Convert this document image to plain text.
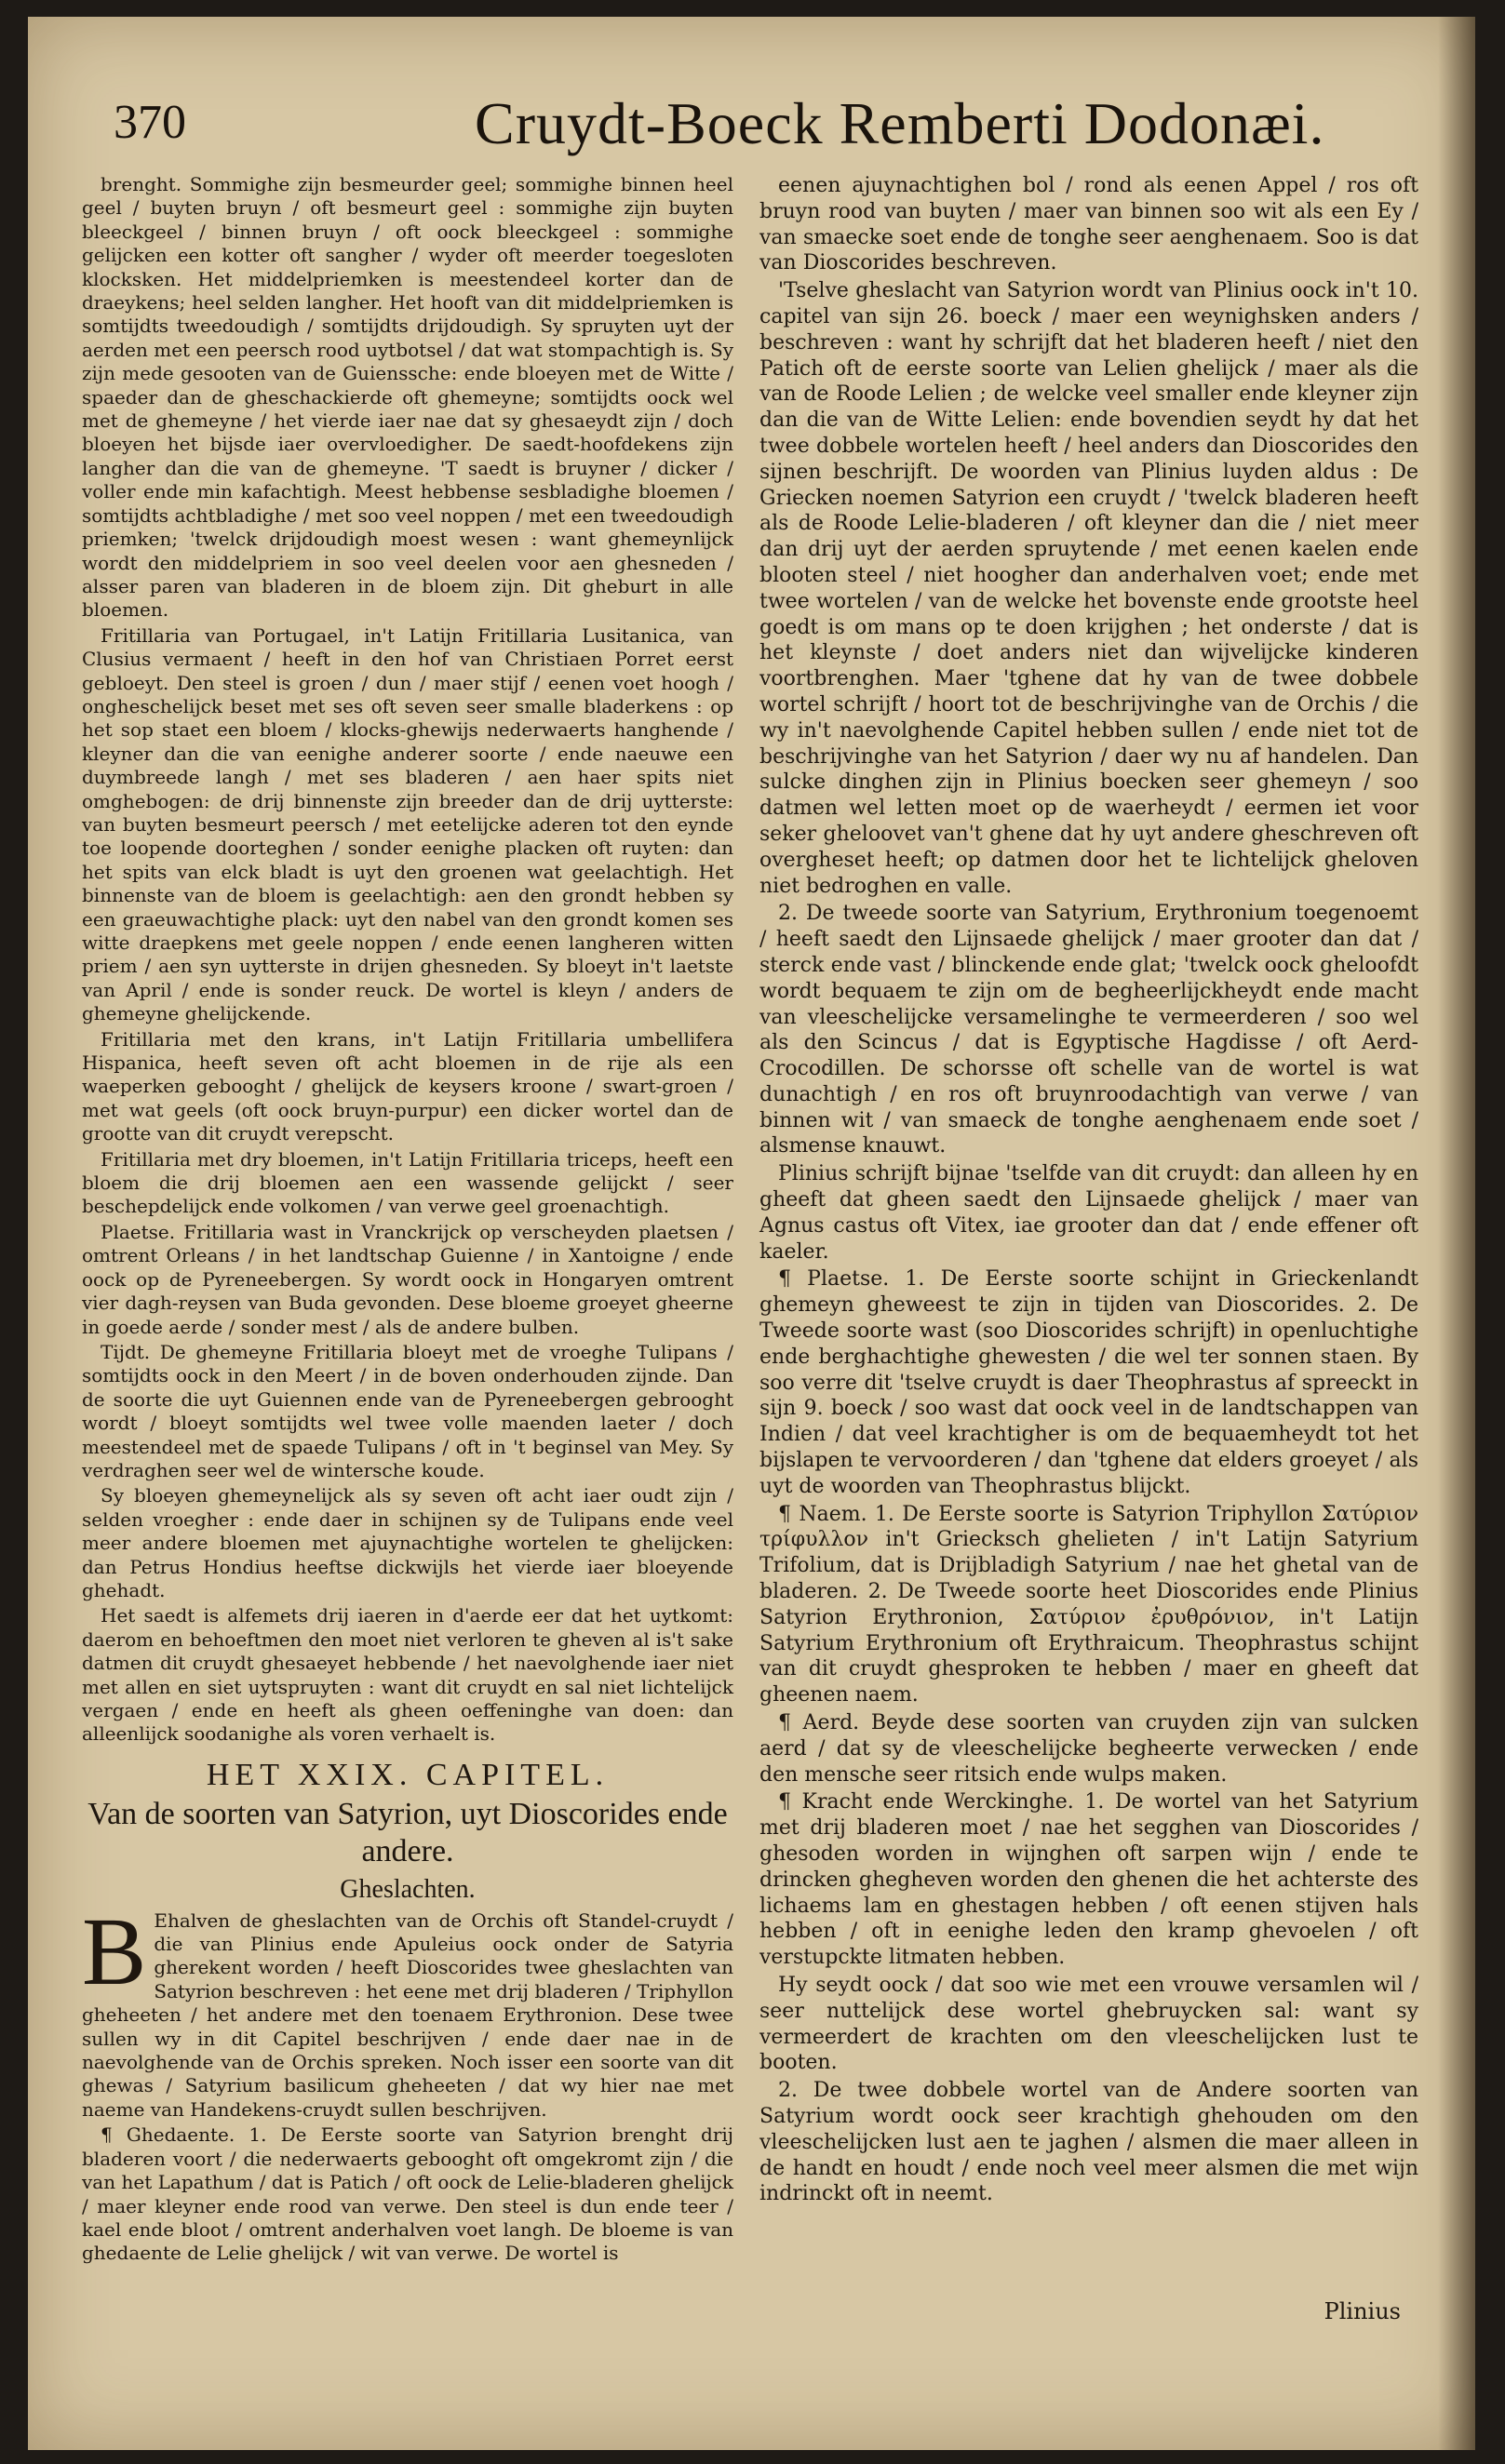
370	Cruydt-Boeck Remberti Dodonæi.

brenght. Sommighe zijn besmeurder geel; sommighe binnen heel geel / buyten bruyn / oft besmeurt geel : sommighe zijn buyten bleeckgeel / binnen bruyn / oft oock bleeckgeel : sommighe gelijcken een kotter oft sangher / wyder oft meerder toegesloten klocksken. Het middelpriemken is meestendeel korter dan de draeykens; heel selden langher. Het hooft van dit middelpriemken is somtijdts tweedoudigh / somtijdts drijdoudigh. Sy spruyten uyt der aerden met een peersch rood uytbotsel / dat wat stompachtigh is. Sy zijn mede gesooten van de Guienssche: ende bloeyen met de Witte / spaeder dan de gheschackierde oft ghemeyne; somtijdts oock wel met de ghemeyne / het vierde iaer nae dat sy ghesaeydt zijn / doch bloeyen het bijsde iaer overvloedigher. De saedt-hoofdekens zijn langher dan die van de ghemeyne. 'T saedt is bruyner / dicker / voller ende min kafachtigh. Meest hebbense sesbladighe bloemen / somtijdts achtbladighe / met soo veel noppen / met een tweedoudigh priemken; 'twelck drijdoudigh moest wesen : want ghemeynlijck wordt den middelpriem in soo veel deelen voor aen ghesneden / alsser paren van bladeren in de bloem zijn. Dit gheburt in alle bloemen.

Fritillaria van Portugael, in't Latijn Fritillaria Lusitanica, van Clusius vermaent / heeft in den hof van Christiaen Porret eerst gebloeyt. Den steel is groen / dun / maer stijf / eenen voet hoogh / ongheschelijck beset met ses oft seven seer smalle bladerkens : op het sop staet een bloem / klocks-ghewijs nederwaerts hanghende / kleyner dan die van eenighe anderer soorte / ende naeuwe een duymbreede langh / met ses bladeren / aen haer spits niet omghebogen: de drij binnenste zijn breeder dan de drij uytterste: van buyten besmeurt peersch / met eetelijcke aderen tot den eynde toe loopende doorteghen / sonder eenighe placken oft ruyten: dan het spits van elck bladt is uyt den groenen wat geelachtigh. Het binnenste van de bloem is geelachtigh: aen den grondt hebben sy een graeuwachtighe plack: uyt den nabel van den grondt komen ses witte draepkens met geele noppen / ende eenen langheren witten priem / aen syn uytterste in drijen ghesneden. Sy bloeyt in't laetste van April / ende is sonder reuck. De wortel is kleyn / anders de ghemeyne ghelijckende.

Fritillaria met den krans, in't Latijn Fritillaria umbellifera Hispanica, heeft seven oft acht bloemen in de rije als een waeperken gebooght / ghelijck de keysers kroone / swart-groen / met wat geels (oft oock bruyn-purpur) een dicker wortel dan de grootte van dit cruydt verepscht.

Fritillaria met dry bloemen, in't Latijn Fritillaria triceps, heeft een bloem die drij bloemen aen een wassende gelijckt / seer beschepdelijck ende volkomen / van verwe geel groenachtigh.

Plaetse. Fritillaria wast in Vranckrijck op verscheyden plaetsen / omtrent Orleans / in het landtschap Guienne / in Xantoigne / ende oock op de Pyreneebergen. Sy wordt oock in Hongaryen omtrent vier dagh-reysen van Buda gevonden. Dese bloeme groeyet gheerne in goede aerde / sonder mest / als de andere bulben.

Tijdt. De ghemeyne Fritillaria bloeyt met de vroeghe Tulipans / somtijdts oock in den Meert / in de boven onderhouden zijnde. Dan de soorte die uyt Guiennen ende van de Pyreneebergen gebrooght wordt / bloeyt somtijdts wel twee volle maenden laeter / doch meestendeel met de spaede Tulipans / oft in 't beginsel van Mey. Sy verdraghen seer wel de wintersche koude.

Sy bloeyen ghemeynelijck als sy seven oft acht iaer oudt zijn / selden vroegher : ende daer in schijnen sy de Tulipans ende veel meer andere bloemen met ajuynachtighe wortelen te ghelijcken: dan Petrus Hondius heeftse dickwijls het vierde iaer bloeyende ghehadt.

Het saedt is alfemets drij iaeren in d'aerde eer dat het uytkomt: daerom en behoeftmen den moet niet verloren te gheven al is't sake datmen dit cruydt ghesaeyet hebbende / het naevolghende iaer niet met allen en siet uytspruyten : want dit cruydt en sal niet lichtelijck vergaen / ende en heeft als gheen oeffeninghe van doen: dan alleenlijck soodanighe als voren verhaelt is.

HET XXIX. CAPITEL.
Van de soorten van Satyrion, uyt Dioscorides ende andere.
Gheslachten.

B Ehalven de gheslachten van de Orchis oft Standel-cruydt / die van Plinius ende Apuleius oock onder de Satyria gherekent worden / heeft Dioscorides twee gheslachten van Satyrion beschreven : het eene met drij bladeren / Triphyllon gheheeten / het andere met den toenaem Erythronion. Dese twee sullen wy in dit Capitel beschrijven / ende daer nae in de naevolghende van de Orchis spreken. Noch isser een soorte van dit ghewas / Satyrium basilicum gheheeten / dat wy hier nae met naeme van Handekens-cruydt sullen beschrijven.

¶ Ghedaente. 1. De Eerste soorte van Satyrion brenght drij bladeren voort / die nederwaerts gebooght oft omgekromt zijn / die van het Lapathum / dat is Patich / oft oock de Lelie-bladeren ghelijck / maer kleyner ende rood van verwe. Den steel is dun ende teer / kael ende bloot / omtrent anderhalven voet langh. De bloeme is van ghedaente de Lelie ghelijck / wit van verwe. De wortel is

eenen ajuynachtighen bol / rond als eenen Appel / ros oft bruyn rood van buyten / maer van binnen soo wit als een Ey / van smaecke soet ende de tonghe seer aenghenaem. Soo is dat van Dioscorides beschreven.

'Tselve gheslacht van Satyrion wordt van Plinius oock in't 10. capitel van sijn 26. boeck / maer een weynighsken anders / beschreven : want hy schrijft dat het bladeren heeft / niet den Patich oft de eerste soorte van Lelien ghelijck / maer als die van de Roode Lelien ; de welcke veel smaller ende kleyner zijn dan die van de Witte Lelien: ende bovendien seydt hy dat het twee dobbele wortelen heeft / heel anders dan Dioscorides den sijnen beschrijft. De woorden van Plinius luyden aldus : De Griecken noemen Satyrion een cruydt / 'twelck bladeren heeft als de Roode Lelie-bladeren / oft kleyner dan die / niet meer dan drij uyt der aerden spruytende / met eenen kaelen ende blooten steel / niet hoogher dan anderhalven voet; ende met twee wortelen / van de welcke het bovenste ende grootste heel goedt is om mans op te doen krijghen ; het onderste / dat is het kleynste / doet anders niet dan wijvelijcke kinderen voortbrenghen. Maer 'tghene dat hy van de twee dobbele wortel schrijft / hoort tot de beschrijvinghe van de Orchis / die wy in't naevolghende Capitel hebben sullen / ende niet tot de beschrijvinghe van het Satyrion / daer wy nu af handelen. Dan sulcke dinghen zijn in Plinius boecken seer ghemeyn / soo datmen wel letten moet op de waerheydt / eermen iet voor seker gheloovet van't ghene dat hy uyt andere gheschreven oft overgheset heeft; op datmen door het te lichtelijck gheloven niet bedroghen en valle.

2. De tweede soorte van Satyrium, Erythronium toegenoemt / heeft saedt den Lijnsaede ghelijck / maer grooter dan dat / sterck ende vast / blinckende ende glat; 'twelck oock gheloofdt wordt bequaem te zijn om de begheerlijckheydt ende macht van vleeschelijcke versamelinghe te vermeerderen / soo wel als den Scincus / dat is Egyptische Hagdisse / oft Aerd-Crocodillen. De schorsse oft schelle van de wortel is wat dunachtigh / en ros oft bruynroodachtigh van verwe / van binnen wit / van smaeck de tonghe aenghenaem ende soet / alsmense knauwt.

Plinius schrijft bijnae 'tselfde van dit cruydt: dan alleen hy en gheeft dat gheen saedt den Lijnsaede ghelijck / maer van Agnus castus oft Vitex, iae grooter dan dat / ende effener oft kaeler.

¶ Plaetse. 1. De Eerste soorte schijnt in Grieckenlandt ghemeyn gheweest te zijn in tijden van Dioscorides. 2. De Tweede soorte wast (soo Dioscorides schrijft) in openluchtighe ende berghachtighe ghewesten / die wel ter sonnen staen. By soo verre dit 'tselve cruydt is daer Theophrastus af spreeckt in sijn 9. boeck / soo wast dat oock veel in de landtschappen van Indien / dat veel krachtigher is om de bequaemheydt tot het bijslapen te vervoorderen / dan 'tghene dat elders groeyet / als uyt de woorden van Theophrastus blijckt.

¶ Naem. 1. De Eerste soorte is Satyrion Triphyllon Σατύριον τρίφυλλον in't Griecksch ghelieten / in't Latijn Satyrium Trifolium, dat is Drijbladigh Satyrium / nae het ghetal van de bladeren. 2. De Tweede soorte heet Dioscorides ende Plinius Satyrion Erythronion, Σατύριον ἐρυθρόνιον, in't Latijn Satyrium Erythronium oft Erythraicum. Theophrastus schijnt van dit cruydt ghesproken te hebben / maer en gheeft dat gheenen naem.

¶ Aerd. Beyde dese soorten van cruyden zijn van sulcken aerd / dat sy de vleeschelijcke begheerte verwecken / ende den mensche seer ritsich ende wulps maken.

¶ Kracht ende Werckinghe. 1. De wortel van het Satyrium met drij bladeren moet / nae het segghen van Dioscorides / ghesoden worden in wijnghen oft sarpen wijn / ende te drincken ghegheven worden den ghenen die het achterste des lichaems lam en ghestagen hebben / oft eenen stijven hals hebben / oft in eenighe leden den kramp ghevoelen / oft verstupckte litmaten hebben.

Hy seydt oock / dat soo wie met een vrouwe versamlen wil / seer nuttelijck dese wortel ghebruycken sal: want sy vermeerdert de krachten om den vleeschelijcken lust te booten.

2. De twee dobbele wortel van de Andere soorten van Satyrium wordt oock seer krachtigh ghehouden om den vleeschelijcken lust aen te jaghen / alsmen die maer alleen in de handt en houdt / ende noch veel meer alsmen die met wijn indrinckt oft in neemt.

Plinius
